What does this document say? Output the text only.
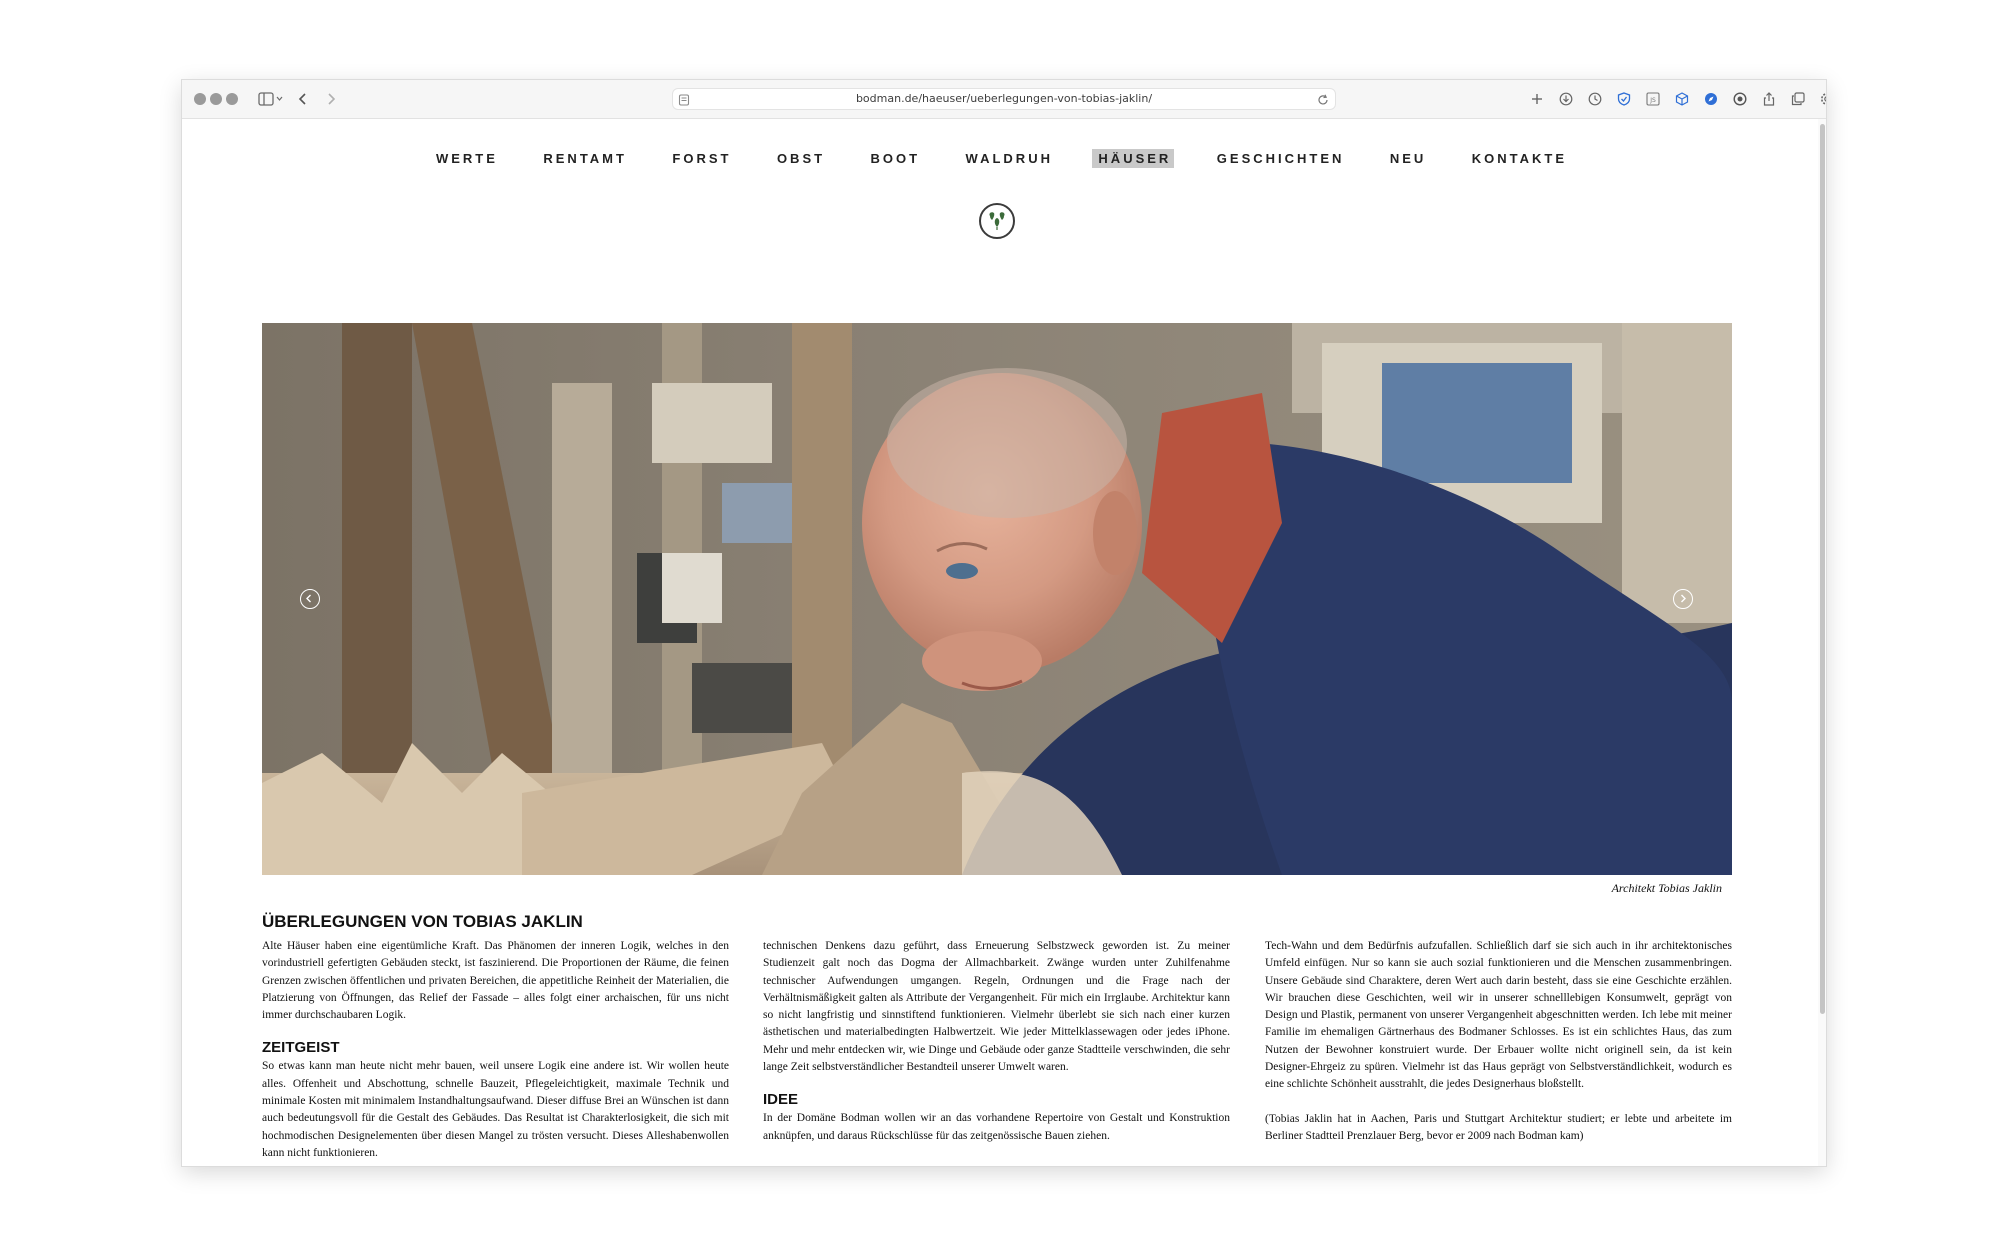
bodman.de/haeuser/ueberlegungen-von-tobias-jaklin/	JS
WERTE	RENTAMT	FORST	OBST	BOOT	WALDRUH	HÄUSER	GESCHICHTEN	NEU	KONTAKTE
Architekt Tobias Jaklin
ÜBERLEGUNGEN VON TOBIAS JAKLIN

Alte Häuser haben eine eigentümliche Kraft. Das Phänomen der inneren Logik, welches in den vorindustriell gefertigten Gebäuden steckt, ist faszinierend. Die Proportionen der Räume, die feinen Grenzen zwischen öffentlichen und privaten Bereichen, die appetitliche Reinheit der Materialien, die Platzierung von Öffnungen, das Relief der Fassade – alles folgt einer archaischen, für uns nicht immer durchschaubaren Logik.

ZEITGEIST

So etwas kann man heute nicht mehr bauen, weil unsere Logik eine andere ist. Wir wollen heute alles. Offenheit und Abschottung, schnelle Bauzeit, Pflegeleichtigkeit, maximale Technik und minimale Kosten mit minimalem Instandhaltungsaufwand. Dieser diffuse Brei an Wünschen ist dann auch bedeutungsvoll für die Gestalt des Gebäudes. Das Resultat ist Charakterlosigkeit, die sich mit hochmodischen Designelementen über diesen Mangel zu trösten versucht. Dieses Alleshabenwollen kann nicht funktionieren.

technischen Denkens dazu geführt, dass Erneuerung Selbstzweck geworden ist. Zu meiner Studienzeit galt noch das Dogma der Allmachbarkeit. Zwänge wurden unter Zuhilfenahme technischer Aufwendungen umgangen. Regeln, Ordnungen und die Frage nach der Verhältnismäßigkeit galten als Attribute der Vergangenheit. Für mich ein Irrglaube. Architektur kann so nicht langfristig und sinnstiftend funktionieren. Vielmehr überlebt sie sich nach einer kurzen ästhetischen und materialbedingten Halbwertzeit. Wie jeder Mittelklassewagen oder jedes iPhone. Mehr und mehr entdecken wir, wie Dinge und Gebäude oder ganze Stadtteile verschwinden, die sehr lange Zeit selbstverständlicher Bestandteil unserer Umwelt waren.

IDEE

In der Domäne Bodman wollen wir an das vorhandene Repertoire von Gestalt und Konstruktion anknüpfen, und daraus Rückschlüsse für das zeitgenössische Bauen ziehen.

Tech-Wahn und dem Bedürfnis aufzufallen. Schließlich darf sie sich auch in ihr architektonisches Umfeld einfügen. Nur so kann sie auch sozial funktionieren und die Menschen zusammenbringen. Unsere Gebäude sind Charaktere, deren Wert auch darin besteht, dass sie eine Geschichte erzählen. Wir brauchen diese Geschichten, weil wir in unserer schnelllebigen Konsumwelt, geprägt von Design und Plastik, permanent von unserer Vergangenheit abgeschnitten werden. Ich lebe mit meiner Familie im ehemaligen Gärtnerhaus des Bodmaner Schlosses. Es ist ein schlichtes Haus, das zum Nutzen der Bewohner konstruiert wurde. Der Erbauer wollte nicht originell sein, da ist kein Designer-Ehrgeiz zu spüren. Vielmehr ist das Haus geprägt von Selbstverständlichkeit, wodurch es eine schlichte Schönheit ausstrahlt, die jedes Designerhaus bloßstellt.

(Tobias Jaklin hat in Aachen, Paris und Stuttgart Architektur studiert; er lebte und arbeitete im Berliner Stadtteil Prenzlauer Berg, bevor er 2009 nach Bodman kam)
